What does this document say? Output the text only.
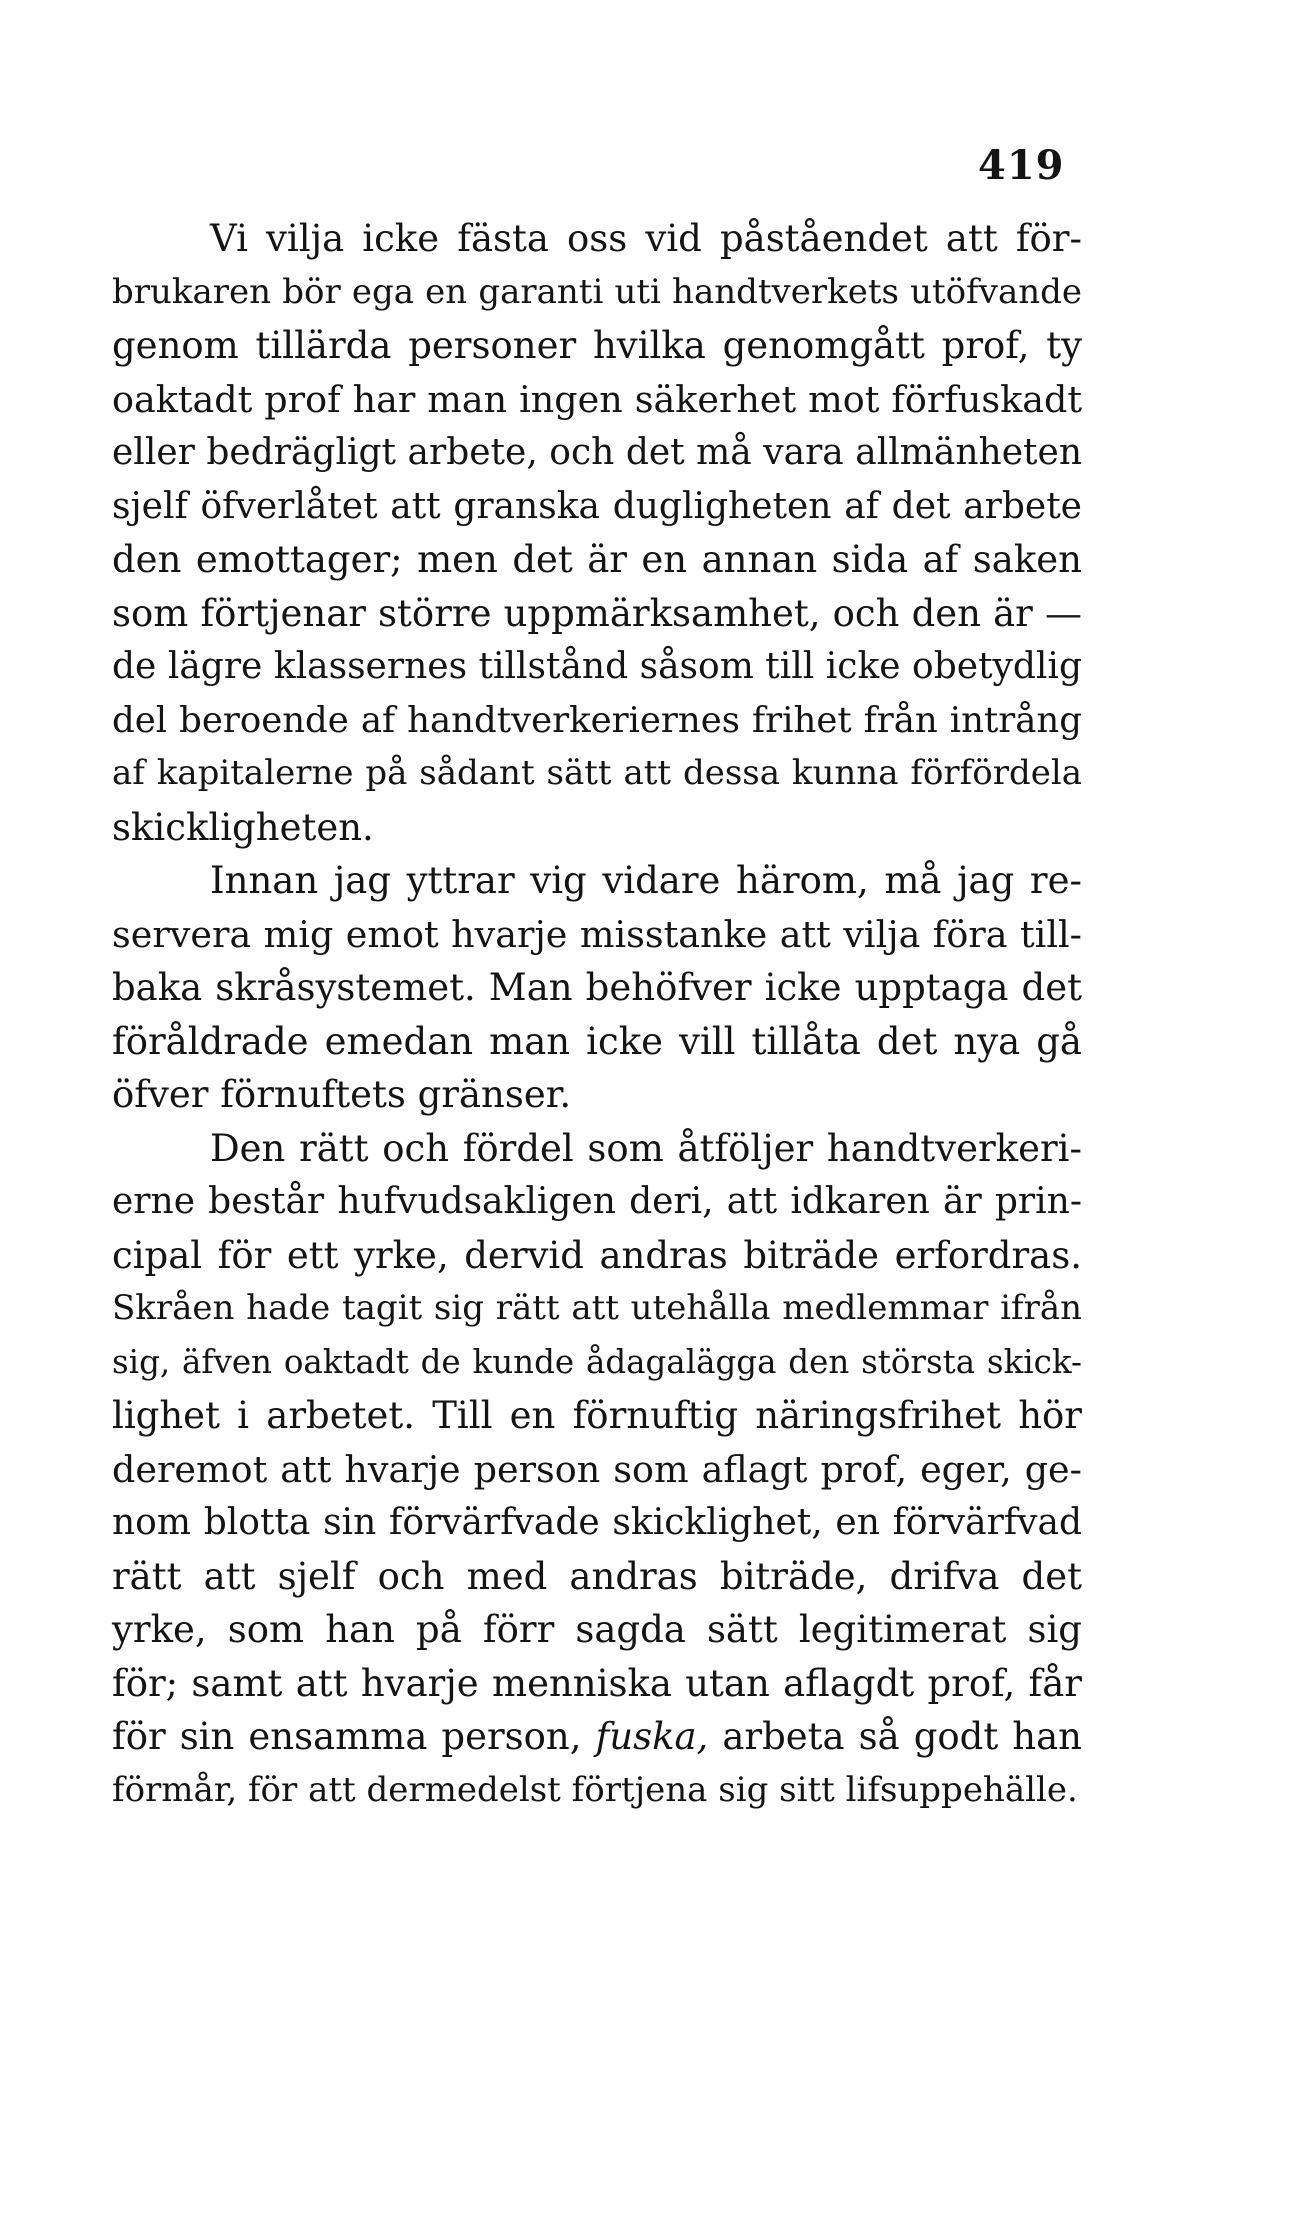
419
Vi vilja icke fästa oss vid påståendet att för-
brukaren bör ega en garanti uti handtverkets utöfvande
genom tillärda personer hvilka genomgått prof, ty
oaktadt prof har man ingen säkerhet mot förfuskadt
eller bedrägligt arbete, och det må vara allmänheten
sjelf öfverlåtet att granska dugligheten af det arbete
den emottager; men det är en annan sida af saken
som förtjenar större uppmärksamhet, och den är —
de lägre klassernes tillstånd såsom till icke obetydlig
del beroende af handtverkeriernes frihet från intrång
af kapitalerne på sådant sätt att dessa kunna förfördela
skickligheten.
Innan jag yttrar vig vidare härom, må jag re-
servera mig emot hvarje misstanke att vilja föra till-
baka skråsystemet. Man behöfver icke upptaga det
föråldrade emedan man icke vill tillåta det nya gå
öfver förnuftets gränser.
Den rätt och fördel som åtföljer handtverkeri-
erne består hufvudsakligen deri, att idkaren är prin-
cipal för ett yrke, dervid andras biträde erfordras.
Skråen hade tagit sig rätt att utehålla medlemmar ifrån
sig, äfven oaktadt de kunde ådagalägga den största skick-
lighet i arbetet. Till en förnuftig näringsfrihet hör
deremot att hvarje person som aflagt prof, eger, ge-
nom blotta sin förvärfvade skicklighet, en förvärfvad
rätt att sjelf och med andras biträde, drifva det
yrke, som han på förr sagda sätt legitimerat sig
för; samt att hvarje menniska utan aflagdt prof, får
för sin ensamma person, fuska, arbeta så godt han
förmår, för att dermedelst förtjena sig sitt lifsuppehälle.
